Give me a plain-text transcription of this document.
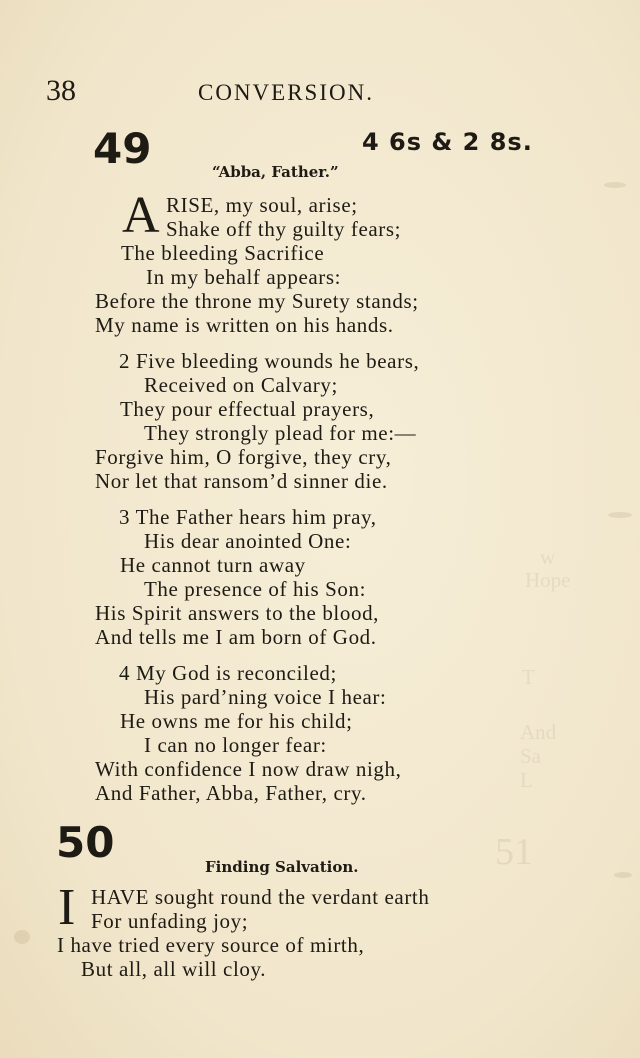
w
Hope
T
And
Sa
L
51
38	CONVERSION.
49	4 6s & 2 8s.
“Abba, Father.”
A RISE, my soul, arise;
Shake off thy guilty fears;
The bleeding Sacrifice
In my behalf appears:
Before the throne my Surety stands;
My name is written on his hands.
2 Five bleeding wounds he bears,
Received on Calvary;
They pour effectual prayers,
They strongly plead for me:—
Forgive him, O forgive, they cry,
Nor let that ransom’d sinner die.
3 The Father hears him pray,
His dear anointed One:
He cannot turn away
The presence of his Son:
His Spirit answers to the blood,
And tells me I am born of God.
4 My God is reconciled;
His pard’ning voice I hear:
He owns me for his child;
I can no longer fear:
With confidence I now draw nigh,
And Father, Abba, Father, cry.
50	Finding Salvation.
I HAVE sought round the verdant earth
For unfading joy;
I have tried every source of mirth,
But all, all will cloy.
